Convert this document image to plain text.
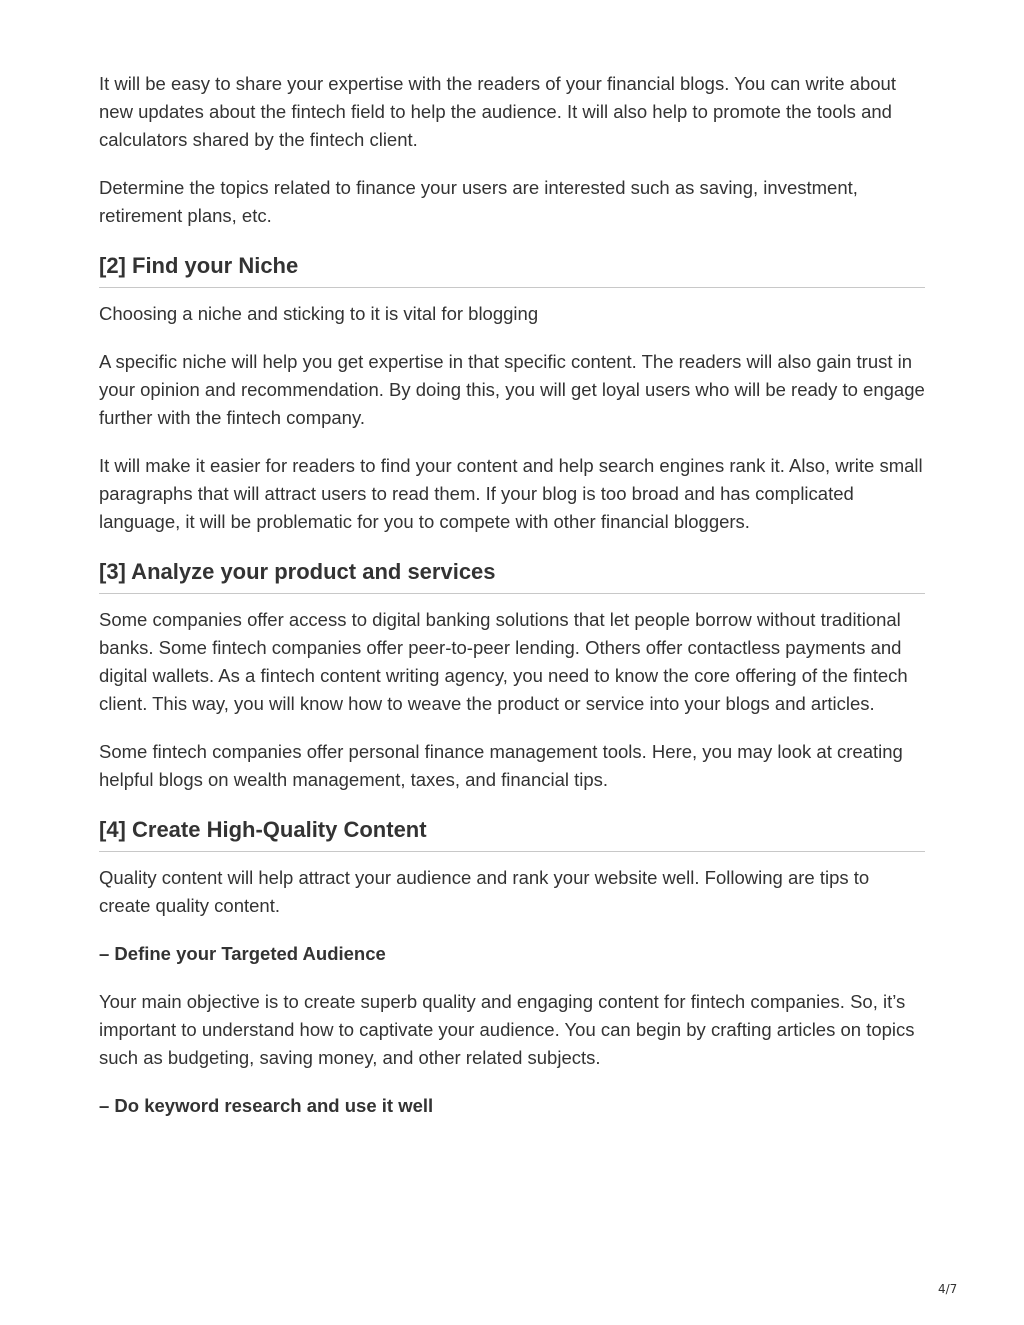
It will be easy to share your expertise with the readers of your financial blogs. You can write about new updates about the fintech field to help the audience. It will also help to promote the tools and calculators shared by the fintech client.

Determine the topics related to finance your users are interested such as saving, investment, retirement plans, etc.

[2] Find your Niche

Choosing a niche and sticking to it is vital for blogging

A specific niche will help you get expertise in that specific content. The readers will also gain trust in your opinion and recommendation. By doing this, you will get loyal users who will be ready to engage further with the fintech company.

It will make it easier for readers to find your content and help search engines rank it. Also, write small paragraphs that will attract users to read them. If your blog is too broad and has complicated language, it will be problematic for you to compete with other financial bloggers.

[3] Analyze your product and services

Some companies offer access to digital banking solutions that let people borrow without traditional banks. Some fintech companies offer peer-to-peer lending. Others offer contactless payments and digital wallets. As a fintech content writing agency, you need to know the core offering of the fintech client. This way, you will know how to weave the product or service into your blogs and articles.

Some fintech companies offer personal finance management tools. Here, you may look at creating helpful blogs on wealth management, taxes, and financial tips.

[4] Create High-Quality Content

Quality content will help attract your audience and rank your website well. Following are tips to create quality content.

– Define your Targeted Audience

Your main objective is to create superb quality and engaging content for fintech companies. So, it’s important to understand how to captivate your audience. You can begin by crafting articles on topics such as budgeting, saving money, and other related subjects.

– Do keyword research and use it well
4/7
